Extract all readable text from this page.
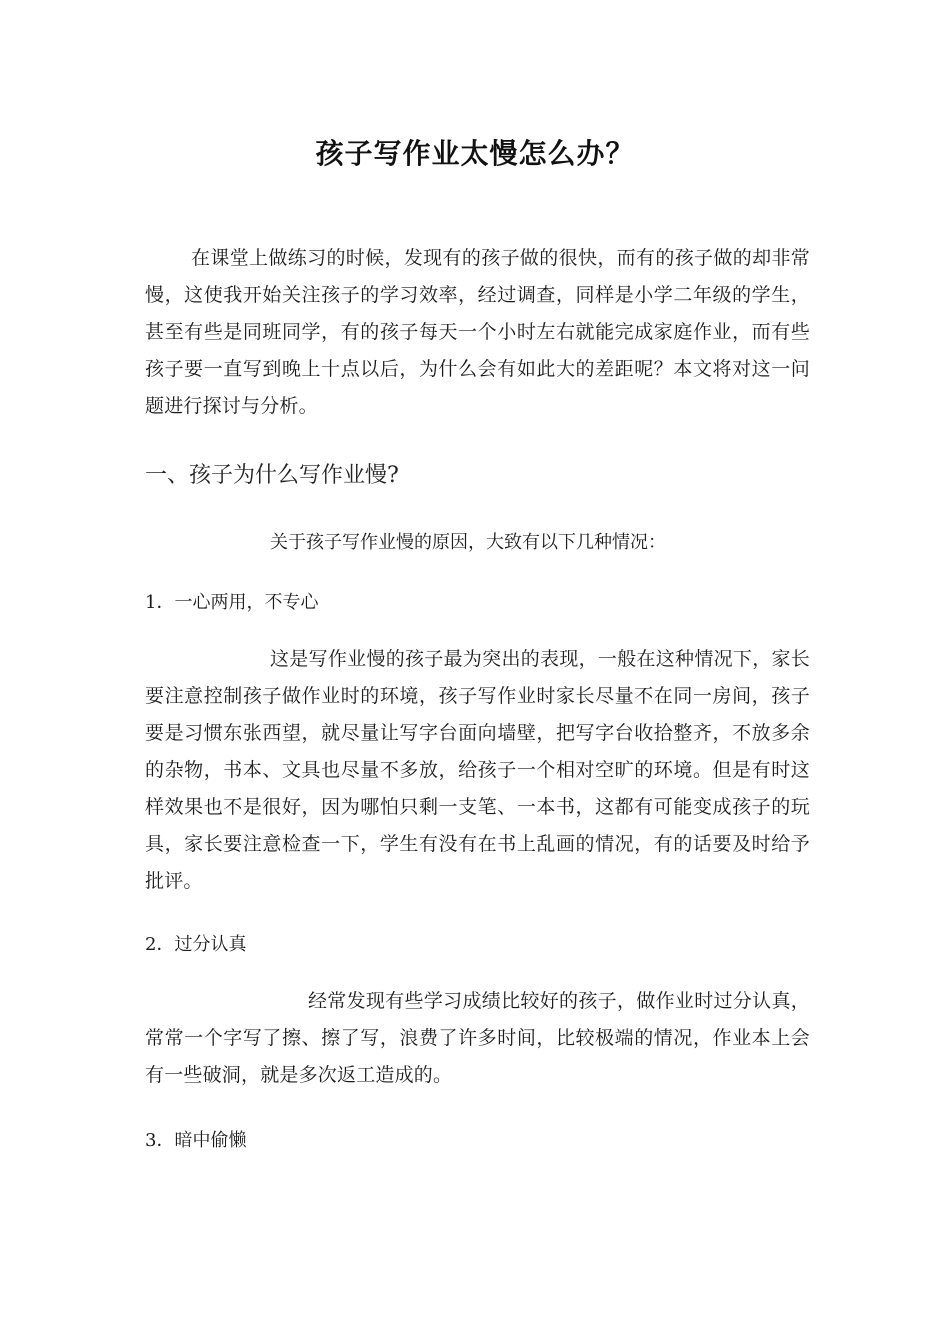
孩子写作业太慢怎么办？
在课堂上做练习的时候，发现有的孩子做的很快，而有的孩子做的却非常慢，这使我开始关注孩子的学习效率，经过调查，同样是小学二年级的学生，甚至有些是同班同学，有的孩子每天一个小时左右就能完成家庭作业，而有些孩子要一直写到晚上十点以后，为什么会有如此大的差距呢？本文将对这一问题进行探讨与分析。
一、孩子为什么写作业慢?
关于孩子写作业慢的原因，大致有以下几种情况：
1．一心两用，不专心
这是写作业慢的孩子最为突出的表现，一般在这种情况下，家长要注意控制孩子做作业时的环境，孩子写作业时家长尽量不在同一房间，孩子要是习惯东张西望，就尽量让写字台面向墙壁，把写字台收拾整齐，不放多余的杂物，书本、文具也尽量不多放，给孩子一个相对空旷的环境。但是有时这样效果也不是很好，因为哪怕只剩一支笔、一本书，这都有可能变成孩子的玩具，家长要注意检查一下，学生有没有在书上乱画的情况，有的话要及时给予批评。
2．过分认真
经常发现有些学习成绩比较好的孩子，做作业时过分认真，常常一个字写了擦、擦了写，浪费了许多时间，比较极端的情况，作业本上会有一些破洞，就是多次返工造成的。
3．暗中偷懒
